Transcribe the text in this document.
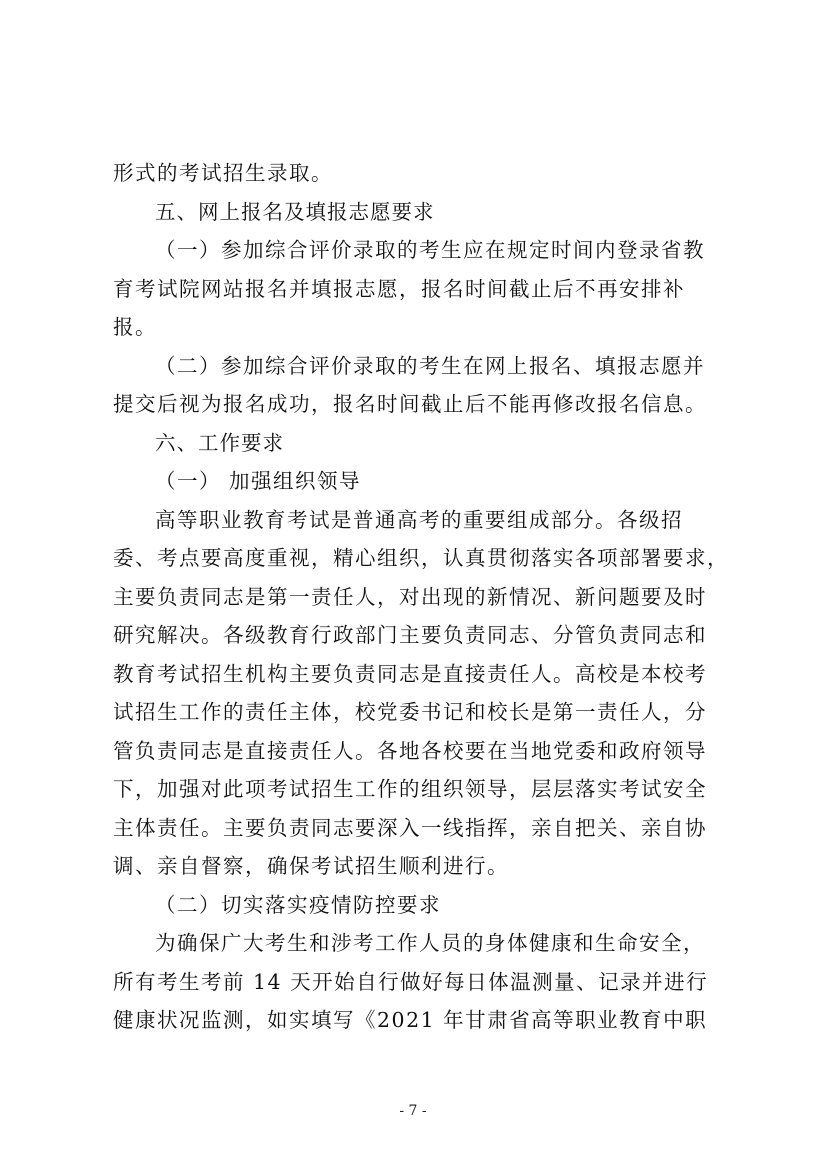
形式的考试招生录取。
五、网上报名及填报志愿要求
（一）参加综合评价录取的考生应在规定时间内登录省教
育考试院网站报名并填报志愿，报名时间截止后不再安排补
报。
（二）参加综合评价录取的考生在网上报名、填报志愿并
提交后视为报名成功，报名时间截止后不能再修改报名信息。
六、工作要求
（一） 加强组织领导
高等职业教育考试是普通高考的重要组成部分。各级招
委、考点要高度重视，精心组织，认真贯彻落实各项部署要求，
主要负责同志是第一责任人，对出现的新情况、新问题要及时
研究解决。各级教育行政部门主要负责同志、分管负责同志和
教育考试招生机构主要负责同志是直接责任人。高校是本校考
试招生工作的责任主体，校党委书记和校长是第一责任人，分
管负责同志是直接责任人。各地各校要在当地党委和政府领导
下，加强对此项考试招生工作的组织领导，层层落实考试安全
主体责任。主要负责同志要深入一线指挥，亲自把关、亲自协
调、亲自督察，确保考试招生顺利进行。
（二）切实落实疫情防控要求
为确保广大考生和涉考工作人员的身体健康和生命安全，
所有考生考前 14 天开始自行做好每日体温测量、记录并进行
健康状况监测，如实填写《2021 年甘肃省高等职业教育中职
- 7 -
